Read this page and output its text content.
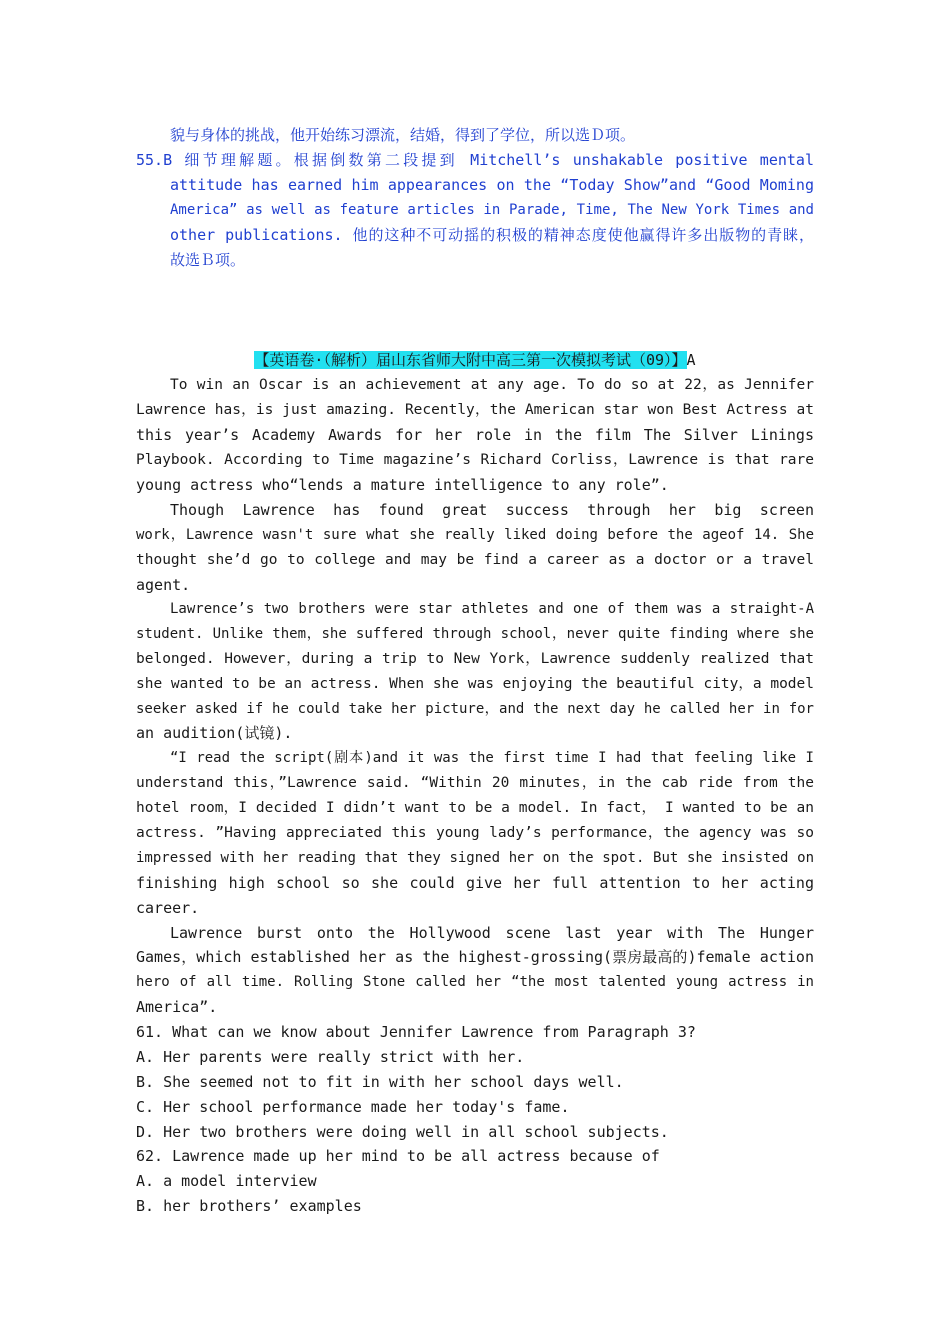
貌与身体的挑战，他开始练习漂流，结婚，得到了学位，所以选Ｄ项。
55.B 细节理解题。根据倒数第二段提到 Mitchell’s unshakable positive mental
attitude has earned him appearances on the “Today Show”and “Good Moming
America” as well as feature articles in Parade, Time, The New York Times and
other publications. 他的这种不可动摇的积极的精神态度使他赢得许多出版物的青睐，
故选Ｂ项。
【英语卷·（解析）届山东省师大附中高三第一次模拟考试（09）】A
To win an Oscar is an achievement at any age. To do so at 22，as Jennifer
Lawrence has，is just amazing. Recently，the American star won Best Actress at
this year’s Academy Awards for her role in the film The Silver Linings
Playbook. According to Time magazine’s Richard Corliss，Lawrence is that rare
young actress who“lends a mature intelligence to any role”.
Though Lawrence has found great success through her big screen
work，Lawrence wasn't sure what she really liked doing before the ageof 14. She
thought she’d go to college and may be find a career as a doctor or a travel
agent.
Lawrence’s two brothers were star athletes and one of them was a straight-A
student. Unlike them，she suffered through school，never quite finding where she
belonged. However，during a trip to New York，Lawrence suddenly realized that
she wanted to be an actress. When she was enjoying the beautiful city，a model
seeker asked if he could take her picture，and the next day he called her in for
an audition(试镜).
“I read the script(剧本)and it was the first time I had that feeling like I
understand this，”Lawrence said. “Within 20 minutes，in the cab ride from the
hotel room，I decided I didn’t want to be a model. In fact， I wanted to be an
actress. ”Having appreciated this young lady’s performance，the agency was so
impressed with her reading that they signed her on the spot. But she insisted on
finishing high school so she could give her full attention to her acting
career.
Lawrence burst onto the Hollywood scene last year with The Hunger
Games，which established her as the highest-grossing(票房最高的)female action
hero of all time. Rolling Stone called her “the most talented young actress in
America”.
61. What can we know about Jennifer Lawrence from Paragraph 3?
A. Her parents were really strict with her.
B. She seemed not to fit in with her school days well.
C. Her school performance made her today's fame.
D. Her two brothers were doing well in all school subjects.
62. Lawrence made up her mind to be all actress because of
A. a model interview
B. her brothers’ examples
